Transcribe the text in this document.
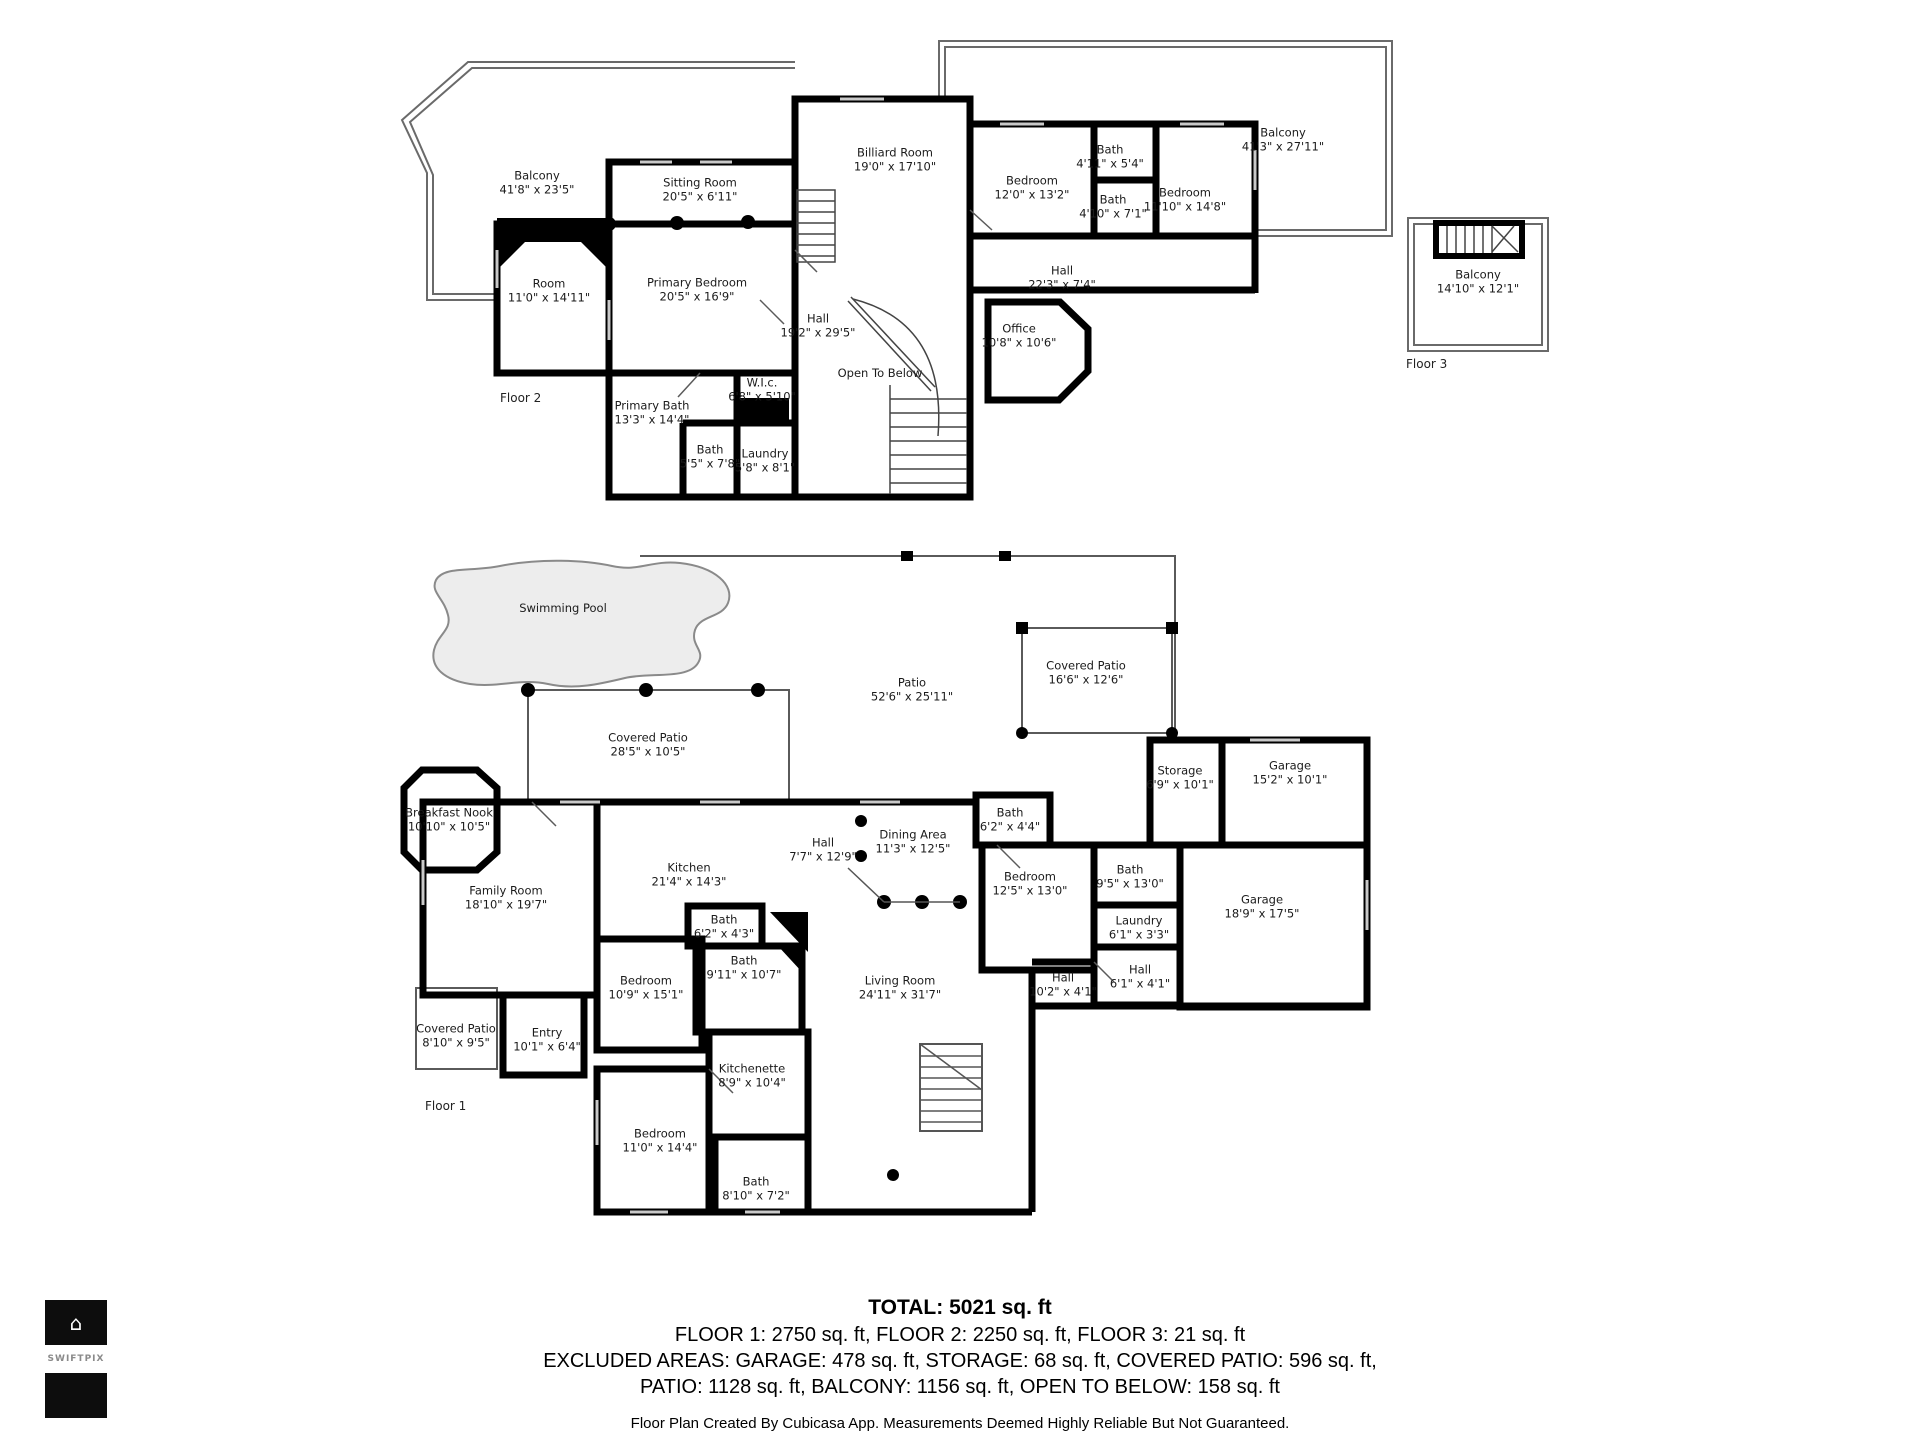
Balcony
41'8" x 23'5"
Sitting Room
20'5" x 6'11"
Billiard Room
19'0" x 17'10"
Bedroom
12'0" x 13'2"
Bath
4'11" x 5'4"
Bath
4'10" x 7'1"
Bedroom
11'10" x 14'8"
Balcony
41'3" x 27'11"
Room
11'0" x 14'11"
Primary Bedroom
20'5" x 16'9"
Hall
19'2" x 29'5"
Hall
22'3" x 7'4"
Office
10'8" x 10'6"
Open To Below
Primary Bath
13'3" x 14'4"
W.I.c.
6'8" x 5'10"
Bath
5'5" x 7'8"
Laundry
5'8" x 8'1"
Floor 2
Balcony
14'10" x 12'1"
Floor 3
Swimming Pool
Patio
52'6" x 25'11"
Covered Patio
16'6" x 12'6"
Covered Patio
28'5" x 10'5"
Storage
6'9" x 10'1"
Garage
15'2" x 10'1"
Breakfast Nook
10'10" x 10'5"
Bath
6'2" x 4'4"
Hall
7'7" x 12'9"
Dining Area
11'3" x 12'5"
Kitchen
21'4" x 14'3"
Family Room
18'10" x 19'7"
Bedroom
12'5" x 13'0"
Bath
9'5" x 13'0"
Garage
18'9" x 17'5"
Bath
6'2" x 4'3"
Laundry
6'1" x 3'3"
Bath
9'11" x 10'7"	Hall
6'1" x 4'1"
Hall
10'2" x 4'1"
Bedroom
10'9" x 15'1"
Living Room
24'11" x 31'7"
Covered Patio
8'10" x 9'5"
Entry
10'1" x 6'4"
Kitchenette
8'9" x 10'4"
Bedroom
11'0" x 14'4"
Bath
8'10" x 7'2"
Floor 1
TOTAL: 5021 sq. ft
FLOOR 1: 2750 sq. ft, FLOOR 2: 2250 sq. ft, FLOOR 3: 21 sq. ft
EXCLUDED AREAS: GARAGE: 478 sq. ft, STORAGE: 68 sq. ft, COVERED PATIO: 596 sq. ft,
PATIO: 1128 sq. ft, BALCONY: 1156 sq. ft, OPEN TO BELOW: 158 sq. ft
Floor Plan Created By Cubicasa App. Measurements Deemed Highly Reliable But Not Guaranteed.
⌂
SWIFTPIX
